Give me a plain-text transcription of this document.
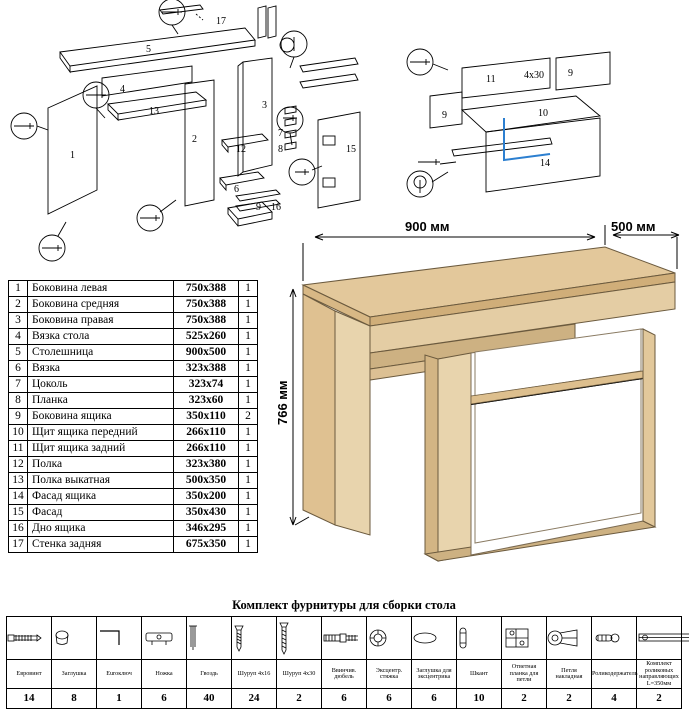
17
5
4
13
3
1
2
12
6
7
8	15
9 16
11
9
9	10
14
4х30
900 мм	500 мм
766 мм
1	Боковина левая	750x388	1
2	Боковина средняя	750x388	1
3	Боковина правая	750x388	1
4	Вязка стола	525x260	1
5	Столешница	900x500	1
6	Вязка	323x388	1
7	Цоколь	323x74	1
8	Планка	323x60	1
9	Боковина ящика	350x110	2
10	Щит ящика передний	266x110	1
11	Щит ящика задний	266x110	1
12	Полка	323x380	1
13	Полка выкатная	500x350	1
14	Фасад ящика	350x200	1
15	Фасад	350x430	1
16	Дно ящика	346x295	1
17	Стенка задняя	675x350	1
Комплект фурнитуры для сборки стола

Евровинт	Заглушка	Euroключ	Ножка	Гвоздь	Шуруп 4х16	Шуруп 4х30	Ввинчив. дюбель	Эксцентр. стяжка	Заглушка для эксцентрика	Шкант	Ответная планка для петли	Петля накладная	Роликодержатель	Комплект роликовых направляющих L=350мм
14	8	1	6	40	24	2	6	6	6	10	2	2	4	2
